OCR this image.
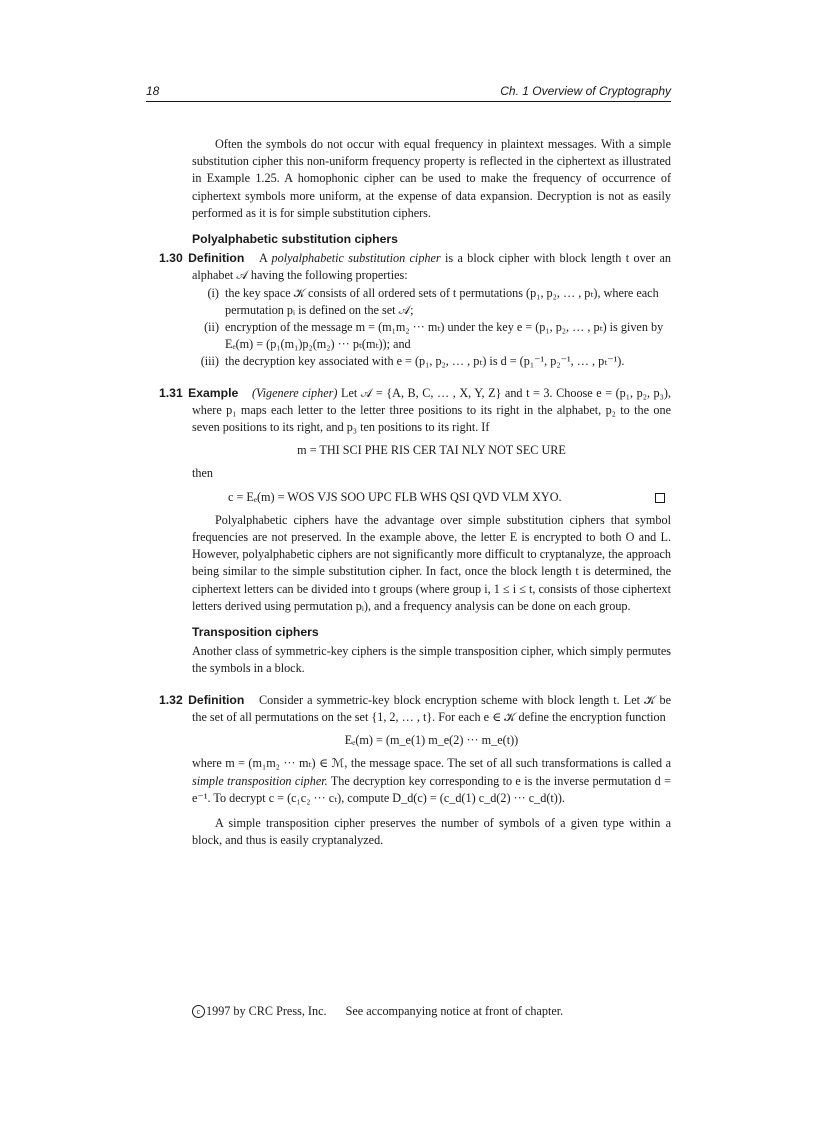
18	Ch. 1 Overview of Cryptography

Often the symbols do not occur with equal frequency in plaintext messages. With a simple substitution cipher this non-uniform frequency property is reflected in the ciphertext as illustrated in Example 1.25. A homophonic cipher can be used to make the frequency of occurrence of ciphertext symbols more uniform, at the expense of data expansion. Decryption is not as easily performed as it is for simple substitution ciphers.

Polyalphabetic substitution ciphers
1.30 Definition	A polyalphabetic substitution cipher is a block cipher with block length t over an alphabet 𝒜 having the following properties:

(i) the key space 𝒦 consists of all ordered sets of t permutations (p₁, p₂, … , pₜ), where each permutation pᵢ is defined on the set 𝒜;
(ii) encryption of the message m = (m₁m₂ ··· mₜ) under the key e = (p₁, p₂, … , pₜ) is given by Eₑ(m) = (p₁(m₁)p₂(m₂) ··· pₜ(mₜ)); and
(iii) the decryption key associated with e = (p₁, p₂, … , pₜ) is d = (p₁⁻¹, p₂⁻¹, … , pₜ⁻¹).
1.31 Example	(Vigenere cipher) Let 𝒜 = {A, B, C, … , X, Y, Z} and t = 3. Choose e = (p₁, p₂, p₃), where p₁ maps each letter to the letter three positions to its right in the alphabet, p₂ to the one seven positions to its right, and p₃ ten positions to its right. If

m = THI SCI PHE RIS CER TAI NLY NOT SEC URE

then

c = Eₑ(m) = WOS VJS SOO UPC FLB WHS QSI QVD VLM XYO.

Polyalphabetic ciphers have the advantage over simple substitution ciphers that symbol frequencies are not preserved. In the example above, the letter E is encrypted to both O and L. However, polyalphabetic ciphers are not significantly more difficult to cryptanalyze, the approach being similar to the simple substitution cipher. In fact, once the block length t is determined, the ciphertext letters can be divided into t groups (where group i, 1 ≤ i ≤ t, consists of those ciphertext letters derived using permutation pᵢ), and a frequency analysis can be done on each group.

Transposition ciphers

Another class of symmetric-key ciphers is the simple transposition cipher, which simply permutes the symbols in a block.

1.32 Definition	Consider a symmetric-key block encryption scheme with block length t. Let 𝒦 be the set of all permutations on the set {1, 2, … , t}. For each e ∈ 𝒦 define the encryption function

Eₑ(m) = (m_e(1) m_e(2) ··· m_e(t))

where m = (m₁m₂ ··· mₜ) ∈ ℳ, the message space. The set of all such transformations is called a simple transposition cipher. The decryption key corresponding to e is the inverse permutation d = e⁻¹. To decrypt c = (c₁c₂ ··· cₜ), compute D_d(c) = (c_d(1) c_d(2) ··· c_d(t)).

A simple transposition cipher preserves the number of symbols of a given type within a block, and thus is easily cryptanalyzed.

c 1997 by CRC Press, Inc. See accompanying notice at front of chapter.
